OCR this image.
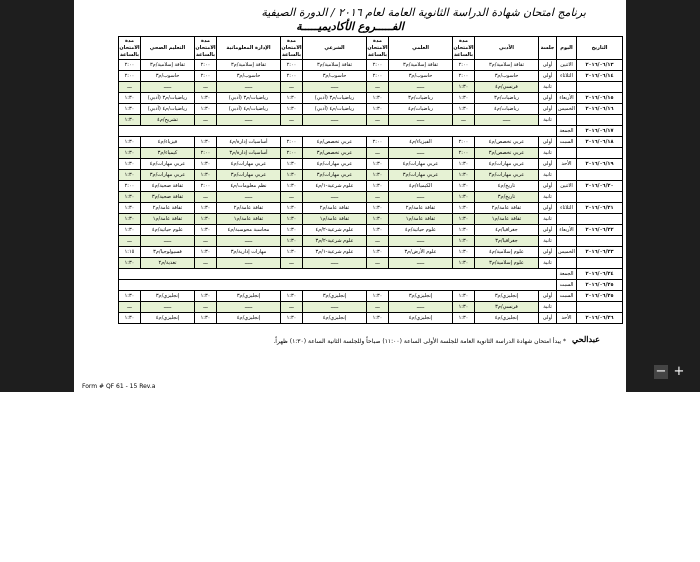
برنامج امتحان شهادة الدراسة الثانوية العامة لعام ٢٠١٦ / الدورة الصيفية
الفـــــروع الأكاديميـــــة
التاريخ	اليوم	جلسة	الأدبي	مدة الامتحان بالساعة	العلمي	مدة الامتحان بالساعة	الشرعي	مدة الامتحان بالساعة	الإدارة المعلوماتية	مدة الامتحان بالساعة	التعليم الصحي	مدة الامتحان بالساعة
٢٠١٦/٠٦/١٣	الاثنين	أولى	ثقافة إسلامية/م٣	٢:٠٠	ثقافة إسلامية/م٣	٢:٠٠	ثقافة إسلامية/م٣	٢:٠٠	ثقافة إسلامية/م٣	٢:٠٠	ثقافة إسلامية/م٣	٢:٠٠
٢٠١٦/٠٦/١٤	الثلاثاء	أولى	حاسوب/م٣	٢:٠٠	حاسوب/م٣	٢:٠٠	حاسوب/م٣	٢:٠٠	حاسوب/م٣	٢:٠٠	حاسوب/م٣	٢:٠٠
		ثانية	فرنسي/م٤	١:٣٠	ـــــ	ـــ	ـــــ	ـــ	ـــــ	ـــ	ـــــ	ـــ
٢٠١٦/٠٦/١٥	الأربعاء	أولى	رياضيات/م٣	١:٣٠	رياضيات/م٣	١:٣٠	رياضيات/م٣ (أدبي)	١:٣٠	رياضيات/م٣ (أدبي)	١:٣٠	رياضيات/م٣ (أدبي)	١:٣٠
٢٠١٦/٠٦/١٦	الخميس	أولى	رياضيات/م٤	١:٣٠	رياضيات/م٤	١:٣٠	رياضيات/م٤ (أدبي)	١:٣٠	رياضيات/م٤ (أدبي)	١:٣٠	رياضيات/م٤ (أدبي)	١:٣٠
		ثانية	ـــــ	ـــ	ـــــ	ـــ	ـــــ	ـــ	ـــــ	ـــ	تشريح/م٤	١:٣٠
٢٠١٦/٠٦/١٧	الجمعة											
٢٠١٦/٠٦/١٨	السبت	أولى	عربي تخصص/م٤	٢:٠٠	الفيزياء/م٤	٢:٠٠	عربي تخصص/م٤	٢:٠٠	أساسيات إدارة/م٤	١:٣٠	فيزياء/م٤	١:٣٠
		ثانية	عربي تخصص/م٣	٢:٠٠	ـــــ	ـــ	عربي تخصص/م٣	٢:٠٠	أساسيات إدارة/م٣	٢:٠٠	كيمياء/م٣	١:٣٠
٢٠١٦/٠٦/١٩	الأحد	أولى	عربي مهارات/م٤	١:٣٠	عربي مهارات/م٤	١:٣٠	عربي مهارات/م٤	١:٣٠	عربي مهارات/م٤	١:٣٠	عربي مهارات/م٤	١:٣٠
		ثانية	عربي مهارات/م٣	١:٣٠	عربي مهارات/م٣	١:٣٠	عربي مهارات/م٣	١:٣٠	عربي مهارات/م٣	١:٣٠	عربي مهارات/م٣	١:٣٠
٢٠١٦/٠٦/٢٠	الاثنين	أولى	تاريخ/م٤	١:٣٠	الكيمياء/م٤	١:٣٠	علوم شرعية-١/م٤	١:٣٠	نظم معلومات/م٤	٢:٠٠	ثقافة صحية/م٤	٢:٠٠
		ثانية	تاريخ/م٣	١:٣٠	ـــــ	ـــ	ـــــ	ـــ	ـــــ	ـــ	ثقافة صحية/م٣	١:٣٠
٢٠١٦/٠٦/٢١	الثلاثاء	أولى	ثقافة عامة/م٢	١:٣٠	ثقافة عامة/م٢	١:٣٠	ثقافة عامة/م٢	١:٣٠	ثقافة عامة/م٢	١:٣٠	ثقافة عامة/م٢	١:٣٠
		ثانية	ثقافة عامة/م١	١:٣٠	ثقافة عامة/م١	١:٣٠	ثقافة عامة/م١	١:٣٠	ثقافة عامة/م١	١:٣٠	ثقافة عامة/م١	١:٣٠
٢٠١٦/٠٦/٢٢	الأربعاء	أولى	جغرافيا/م٤	١:٣٠	علوم حياتية/م٤	١:٣٠	علوم شرعية-٢/م٤	١:٣٠	محاسبة محوسبة/م٤	١:٣٠	علوم حياتية/م٤	١:٣٠
		ثانية	جغرافيا/م٣	١:٣٠	ـــــ	ـــ	علوم شرعية-٢/م٣	١:٣٠	ـــــ	ـــ	ـــــ	ـــ
٢٠١٦/٠٦/٢٣	الخميس	أولى	علوم إسلامية/م٤	١:٣٠	علوم الأرض/م٣	١:٣٠	علوم شرعية-١/م٣	١:٣٠	مهارات إدارية/م٣	١:٣٠	فسيولوجيا/م٣	١:١٥
		ثانية	علوم إسلامية/م٣	١:٣٠	ـــــ	ـــ	ـــــ	ـــ	ـــــ	ـــ	تغذية/م٢	١:٣٠
٢٠١٦/٠٦/٢٤	الجمعة											
٢٠١٦/٠٦/٢٥	السبت											
٢٠١٦/٠٦/٢٥	السبت	أولى	إنجليزي/م٣	١:٣٠	إنجليزي/م٣	١:٣٠	إنجليزي/م٣	١:٣٠	إنجليزي/م٣	١:٣٠	إنجليزي/م٣	١:٣٠
		ثانية	فرنسي/م٣	١:٣٠	ـــــ	ـــ	ـــــ	ـــ	ـــــ	ـــ	ـــــ	ـــ
٢٠١٦/٠٦/٢٦	الأحد	أولى	إنجليزي/م٤	١:٣٠	إنجليزي/م٤	١:٣٠	إنجليزي/م٤	١:٣٠	إنجليزي/م٤	١:٣٠	إنجليزي/م٤	١:٣٠
عبدالحي
* يبدأ امتحان شهادة الدراسة الثانوية العامة للجلسة الأولى الساعة (١١:٠٠) صباحاً وللجلسة الثانية الساعة (١:٣٠) ظهراً.
Form # QF 61 - 15 Rev.a
− +
